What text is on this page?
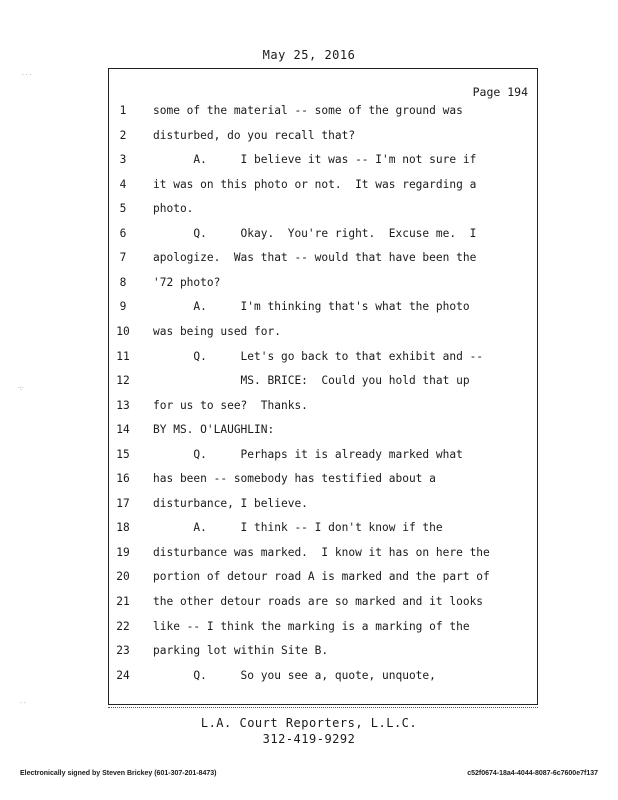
May 25, 2016
Page 194
1	some of the material -- some of the ground was
2	disturbed, do you recall that?
3	A.     I believe it was -- I'm not sure if
4	it was on this photo or not.  It was regarding a
5	photo.
6	Q.     Okay.  You're right.  Excuse me.  I
7	apologize.  Was that -- would that have been the
8	'72 photo?
9	A.     I'm thinking that's what the photo
10	was being used for.
11	Q.     Let's go back to that exhibit and --
12	MS. BRICE:  Could you hold that up
13	for us to see?  Thanks.
14	BY MS. O'LAUGHLIN:
15	Q.     Perhaps it is already marked what
16	has been -- somebody has testified about a
17	disturbance, I believe.
18	A.     I think -- I don't know if the
19	disturbance was marked.  I know it has on here the
20	portion of detour road A is marked and the part of
21	the other detour roads are so marked and it looks
22	like -- I think the marking is a marking of the
23	parking lot within Site B.
24	Q.     So you see a, quote, unquote,
L.A. Court Reporters, L.L.C.
312-419-9292
Electronically signed by Steven Brickey (601-307-201-8473)	c52f0674-18a4-4044-8087-6c7600e7f137
· · ·
·:·
· ·
